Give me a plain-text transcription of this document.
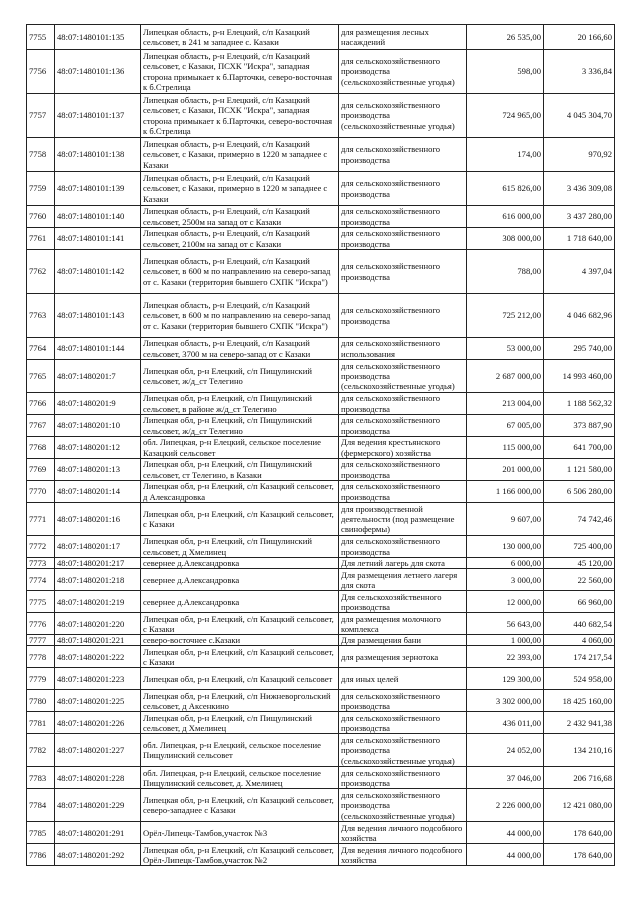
7755	48:07:1480101:135	Липецкая область, р-н Елецкий, с/п Казацкий сельсовет, в 241 м западнее с. Казаки	для размещения лесных насаждений	26 535,00	20 166,60
7756	48:07:1480101:136	Липецкая область, р-н Елецкий, с/п Казацкий сельсовет, с Казаки, ПСХК "Искра", западная сторона примыкает к б.Парточки, северо-восточная к б.Стрелица	для сельскохозяйственного производства (сельскохозяйственные угодья)	598,00	3 336,84
7757	48:07:1480101:137	Липецкая область, р-н Елецкий, с/п Казацкий сельсовет, с Казаки, ПСХК "Искра", западная сторона примыкает к б.Парточки, северо-восточная к б.Стрелица	для сельскохозяйственного производства (сельскохозяйственные угодья)	724 965,00	4 045 304,70
7758	48:07:1480101:138	Липецкая область, р-н Елецкий, с/п Казацкий сельсовет, с Казаки, примерно в 1220 м западнее с Казаки	для сельскохозяйственного производства	174,00	970,92
7759	48:07:1480101:139	Липецкая область, р-н Елецкий, с/п Казацкий сельсовет, с Казаки, примерно в 1220 м западнее с Казаки	для сельскохозяйственного производства	615 826,00	3 436 309,08
7760	48:07:1480101:140	Липецкая область, р-н Елецкий, с/п Казацкий сельсовет, 2500м на запад от с Казаки	для сельскохозяйственного производства	616 000,00	3 437 280,00
7761	48:07:1480101:141	Липецкая область, р-н Елецкий, с/п Казацкий сельсовет, 2100м на запад от с Казаки	для сельскохозяйственного производства	308 000,00	1 718 640,00
7762	48:07:1480101:142	Липецкая область, р-н Елецкий, с/п Казацкий сельсовет, в 600 м по направлению на северо-запад от с. Казаки (территория бывшего СХПК "Искра")	для сельскохозяйственного производства	788,00	4 397,04
7763	48:07:1480101:143	Липецкая область, р-н Елецкий, с/п Казацкий сельсовет, в 600 м по направлению на северо-запад от с. Казаки (территория бывшего СХПК "Искра")	для сельскохозяйственного производства	725 212,00	4 046 682,96
7764	48:07:1480101:144	Липецкая область, р-н Елецкий, с/п Казацкий сельсовет, 3700 м на северо-запад от с Казаки	для сельскохозяйственного использования	53 000,00	295 740,00
7765	48:07:1480201:7	Липецкая обл, р-н Елецкий, с/п Пищулинский сельсовет, ж/д_ст Телегино	для сельскохозяйственного производства (сельскохозяйственные угодья)	2 687 000,00	14 993 460,00
7766	48:07:1480201:9	Липецкая обл, р-н Елецкий, с/п Пищулинский сельсовет, в районе ж/д_ст Телегино	для сельскохозяйственного производства	213 004,00	1 188 562,32
7767	48:07:1480201:10	Липецкая обл, р-н Елецкий, с/п Пищулинский сельсовет, ж/д_ст Телегино	для сельскохозяйственного производства	67 005,00	373 887,90
7768	48:07:1480201:12	обл. Липецкая, р-н Елецкий, сельское поселение Казацкий сельсовет	Для ведения крестьянского (фермерского) хозяйства	115 000,00	641 700,00
7769	48:07:1480201:13	Липецкая обл, р-н Елецкий, с/п Пищулинский сельсовет, ст Телегино, в Казаки	для сельскохозяйственного производства	201 000,00	1 121 580,00
7770	48:07:1480201:14	Липецкая обл, р-н Елецкий, с/п Казацкий сельсовет, д Александровка	для сельскохозяйственного производства	1 166 000,00	6 506 280,00
7771	48:07:1480201:16	Липецкая обл, р-н Елецкий, с/п Казацкий сельсовет, с Казаки	для производственной деятельности (под размещение свинофермы)	9 607,00	74 742,46
7772	48:07:1480201:17	Липецкая обл, р-н Елецкий, с/п Пищулинский сельсовет, д Хмелинец	для сельскохозяйственного производства	130 000,00	725 400,00
7773	48:07:1480201:217	севернее д.Александровка	Для летний лагерь для скота	6 000,00	45 120,00
7774	48:07:1480201:218	севернее д.Александровка	Для размещения летнего лагеря для скота	3 000,00	22 560,00
7775	48:07:1480201:219	севернее д.Александровка	Для сельскохозяйственного производства	12 000,00	66 960,00
7776	48:07:1480201:220	Липецкая обл, р-н Елецкий, с/п Казацкий сельсовет, с Казаки	для размещения молочного комплекса	56 643,00	440 682,54
7777	48:07:1480201:221	северо-восточнее с.Казаки	Для размещения бани	1 000,00	4 060,00
7778	48:07:1480201:222	Липецкая обл, р-н Елецкий, с/п Казацкий сельсовет, с Казаки	для размещения зернотока	22 393,00	174 217,54
7779	48:07:1480201:223	Липецкая обл, р-н Елецкий, с/п Казацкий сельсовет	для иных целей	129 300,00	524 958,00
7780	48:07:1480201:225	Липецкая обл, р-н Елецкий, с/п Нижневоргольский сельсовет, д Аксенкино	для сельскохозяйственного производства	3 302 000,00	18 425 160,00
7781	48:07:1480201:226	Липецкая обл, р-н Елецкий, с/п Пищулинский сельсовет, д Хмелинец	для сельскохозяйственного производства	436 011,00	2 432 941,38
7782	48:07:1480201:227	обл. Липецкая, р-н Елецкий, сельское поселение Пищулинский сельсовет	для сельскохозяйственного производства (сельскохозяйственные угодья)	24 052,00	134 210,16
7783	48:07:1480201:228	обл. Липецкая, р-н Елецкий, сельское поселение Пищулинский сельсовет, д. Хмелинец	для сельскохозяйственного производства	37 046,00	206 716,68
7784	48:07:1480201:229	Липецкая обл, р-н Елецкий, с/п Казацкий сельсовет, северо-западнее с Казаки	для сельскохозяйственного производства (сельскохозяйственные угодья)	2 226 000,00	12 421 080,00
7785	48:07:1480201:291	Орёл-Липецк-Тамбов,участок №3	Для ведения личного подсобного хозяйства	44 000,00	178 640,00
7786	48:07:1480201:292	Липецкая обл, р-н Елецкий, с/п Казацкий сельсовет, Орёл-Липецк-Тамбов,участок №2	Для ведения личного подсобного хозяйства	44 000,00	178 640,00
